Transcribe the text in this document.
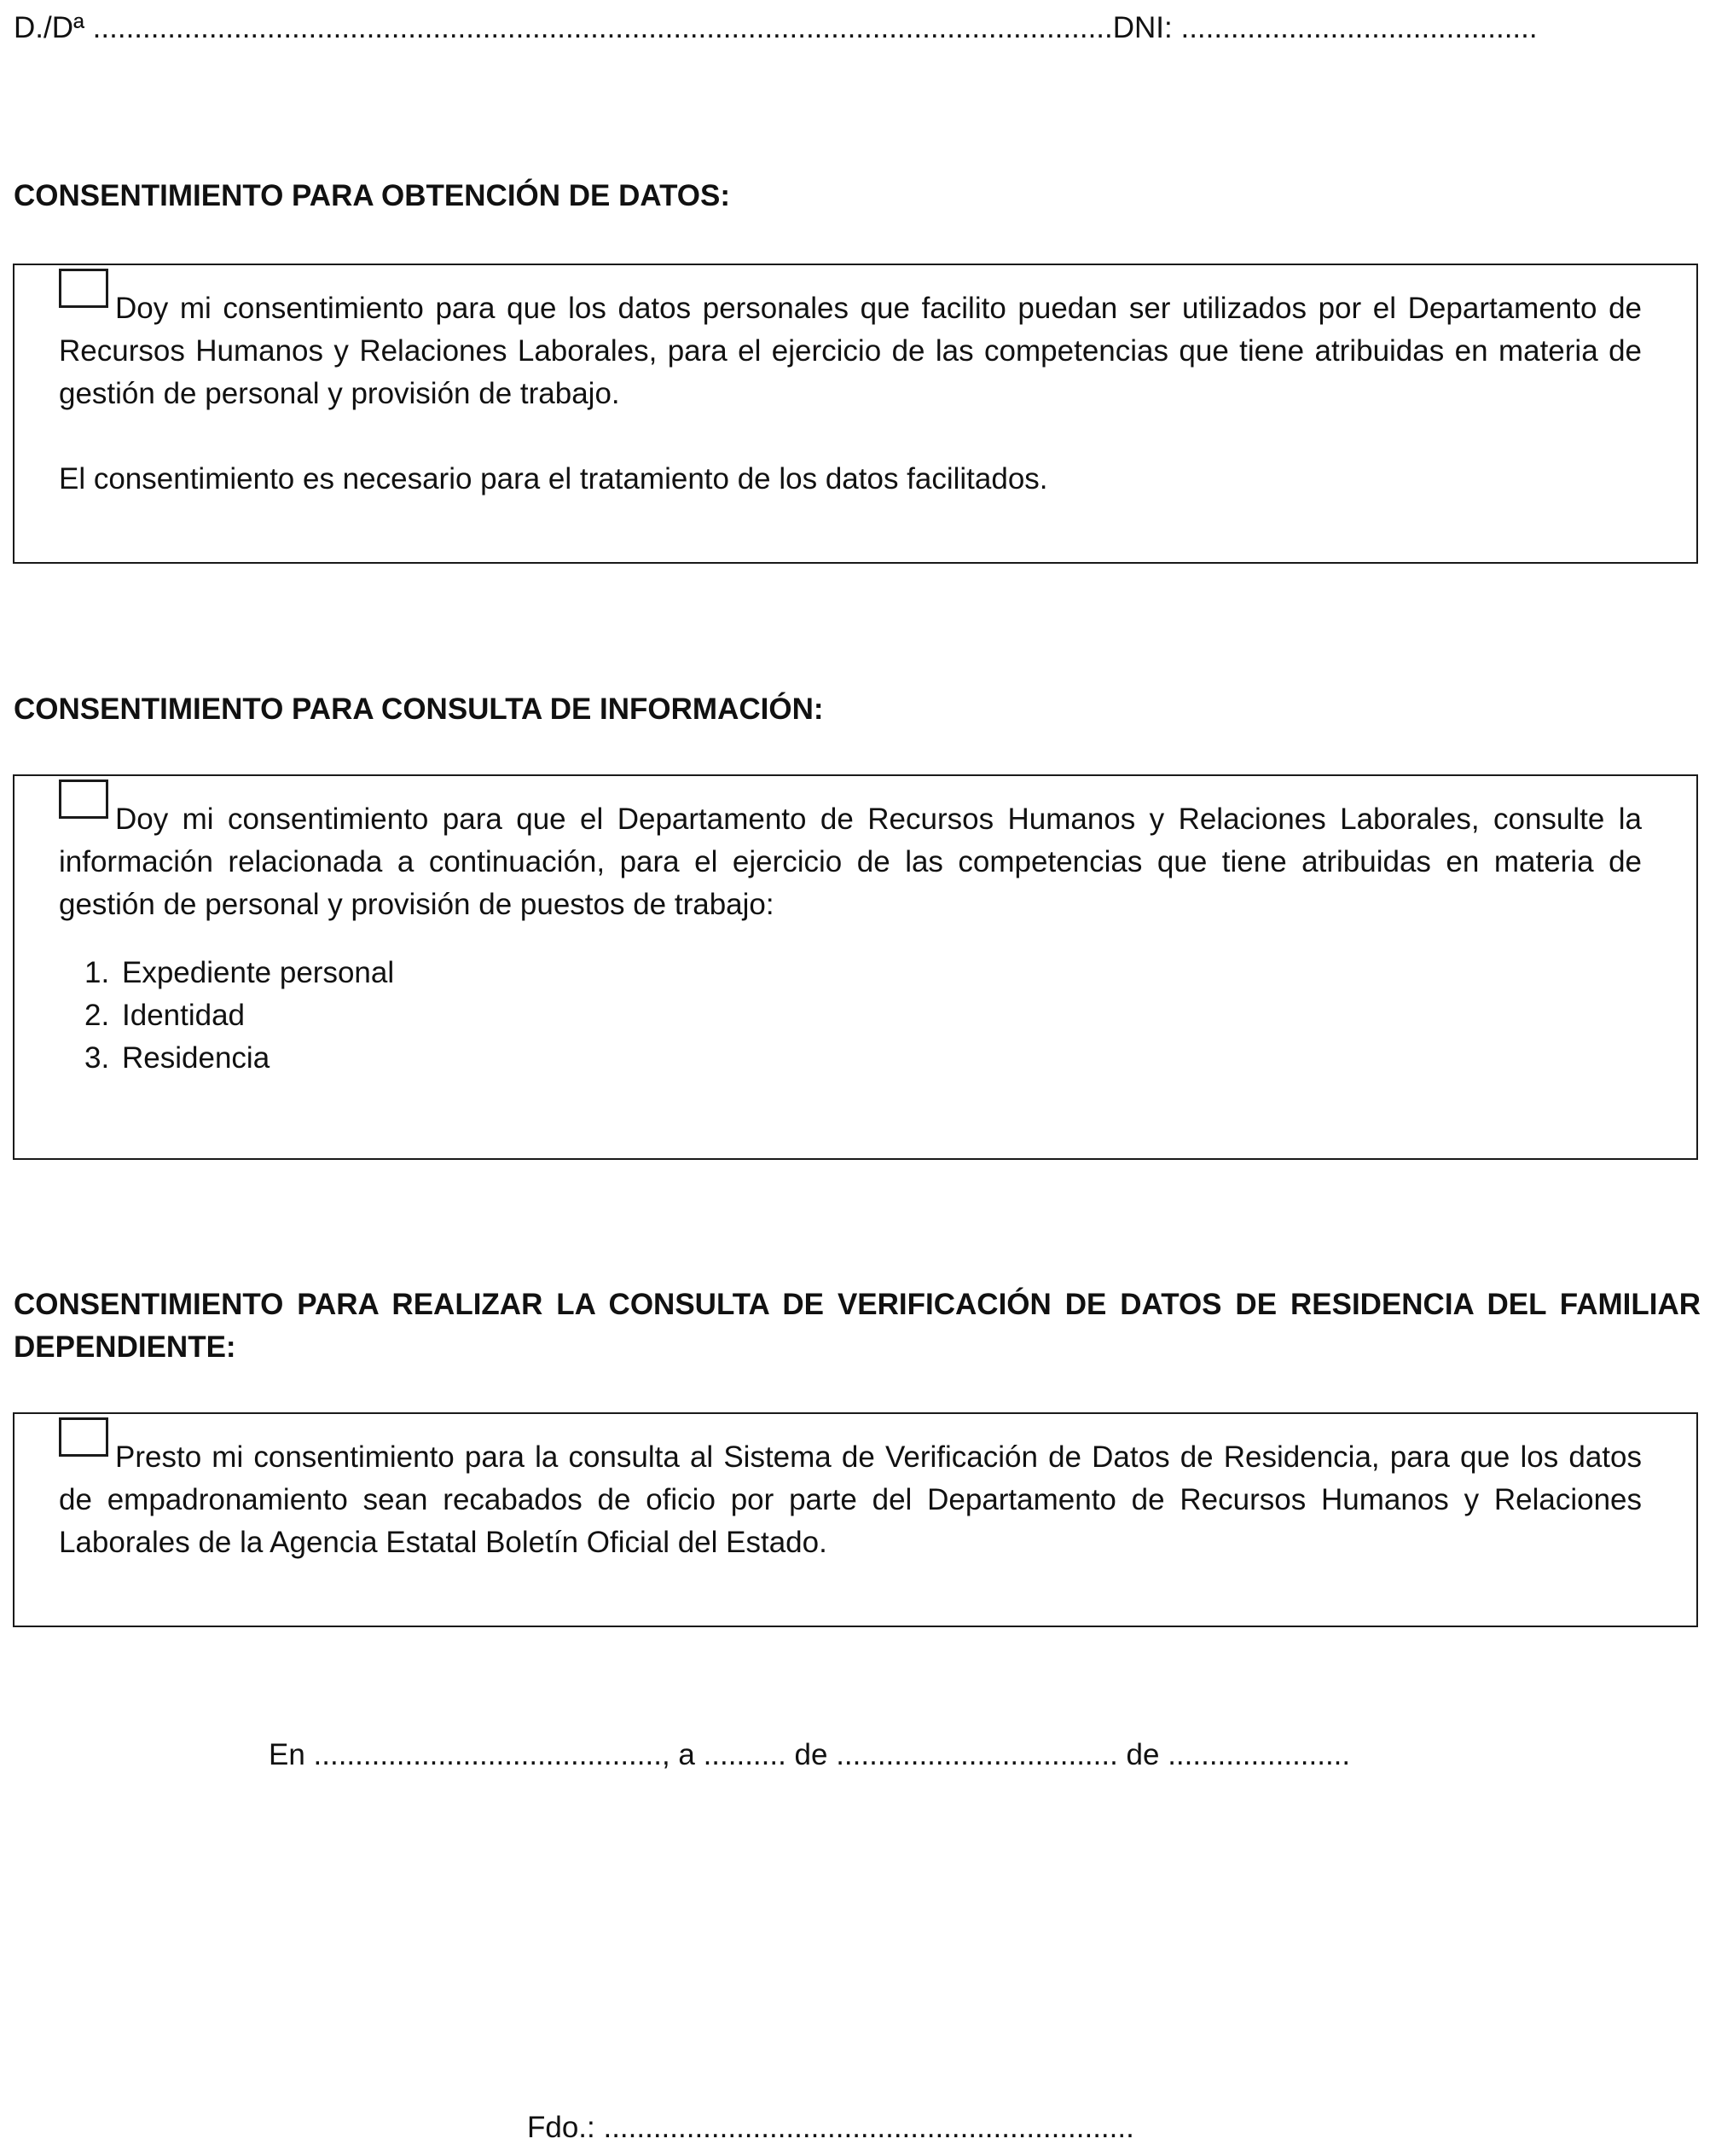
D./Dª ...........................................................................................................................DNI: ...........................................
CONSENTIMIENTO PARA OBTENCIÓN DE DATOS:

Doy mi consentimiento para que los datos personales que facilito puedan ser utilizados por el Departamento de Recursos Humanos y Relaciones Laborales, para el ejercicio de las competencias que tiene atribuidas en materia de gestión de personal y provisión de trabajo.

El consentimiento es necesario para el tratamiento de los datos facilitados.

CONSENTIMIENTO PARA CONSULTA DE INFORMACIÓN:

Doy mi consentimiento para que el Departamento de Recursos Humanos y Relaciones Laborales, consulte la información relacionada a continuación, para el ejercicio de las competencias que tiene atribuidas en materia de gestión de personal y provisión de puestos de trabajo:

1. Expediente personal
2. Identidad
3. Residencia
CONSENTIMIENTO PARA REALIZAR LA CONSULTA DE VERIFICACIÓN DE DATOS DE RESIDENCIA DEL FAMILIAR DEPENDIENTE:

Presto mi consentimiento para la consulta al Sistema de Verificación de Datos de Residencia, para que los datos de empadronamiento sean recabados de oficio por parte del Departamento de Recursos Humanos y Relaciones Laborales de la Agencia Estatal Boletín Oficial del Estado.

En .........................................., a .......... de .................................. de ......................
Fdo.: ................................................................
